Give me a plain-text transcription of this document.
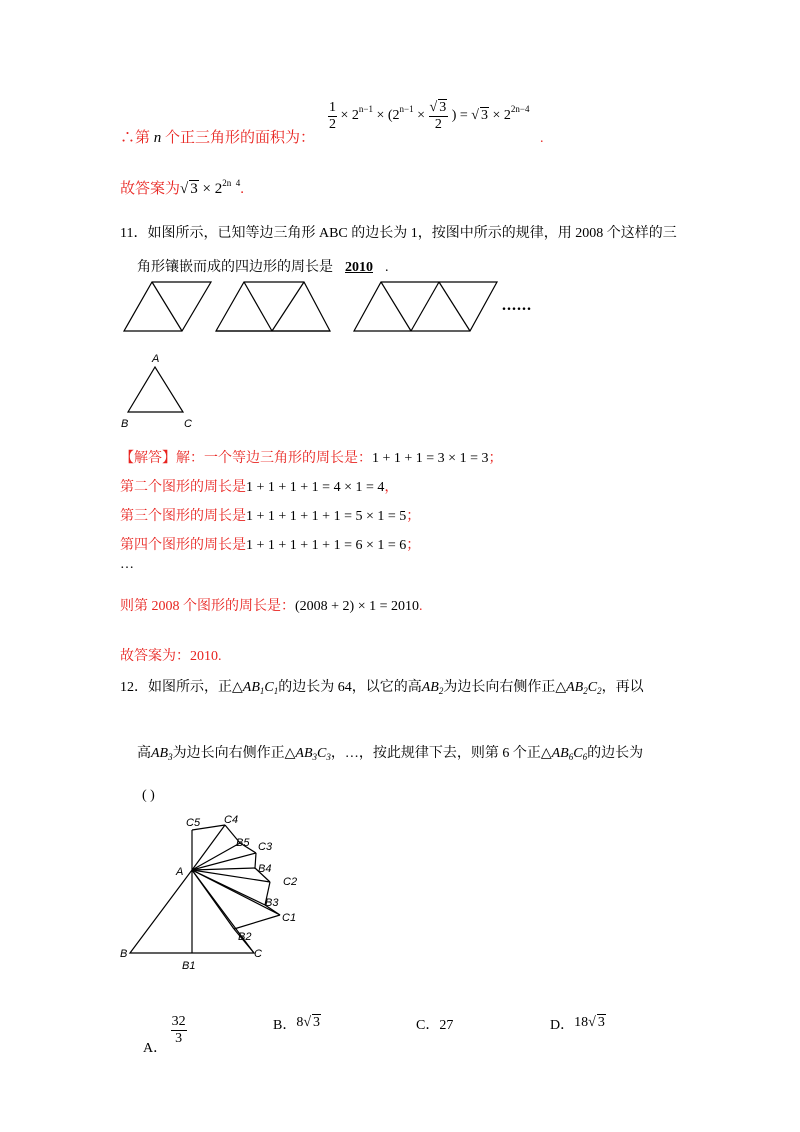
∴第 n 个正三角形的面积为：
$\frac{1}{2} \times 2^{n-1} \times (2^{n-1} \times \frac{√ 3}{2}$ ) = √ $3 \times 2^{2n-4}$
.
故答案为√ $3 \times 2^{2n 4}$.
11．如图所示，已知等边三角形 ABC 的边长为 1，按图中所示的规律，用 2008 个这样的三
角形镶嵌而成的四边形的周长是 2010 .
A
B	C
......
【解答】解：一个等边三角形的周长是：1 + 1 + 1 = 3 × 1 = 3；
第二个图形的周长是1 + 1 + 1 + 1 = 4 × 1 = 4，
第三个图形的周长是1 + 1 + 1 + 1 + 1 = 5 × 1 = 5；
第四个图形的周长是1 + 1 + 1 + 1 + 1 = 6 × 1 = 6；
…
则第 2008 个图形的周长是：(2008 + 2) × 1 = 2010.
故答案为：2010.
12．如图所示，正$\triangle AB_1C_1$的边长为 64，以它的高$AB_2$为边长向右侧作正$\triangle AB_2C_2$，再以
高$AB_3$为边长向右侧作正$\triangle AB_3C_3$，…，按此规律下去，则第 6 个正$\triangle AB_6C_6$的边长为
( )
C5 C4
B5 C3
B4
A
C2
B3
C1
B2
B
B1
C
A．
$\frac{32}{3}$	B．8√ 3	C．27	D．18√ 3
